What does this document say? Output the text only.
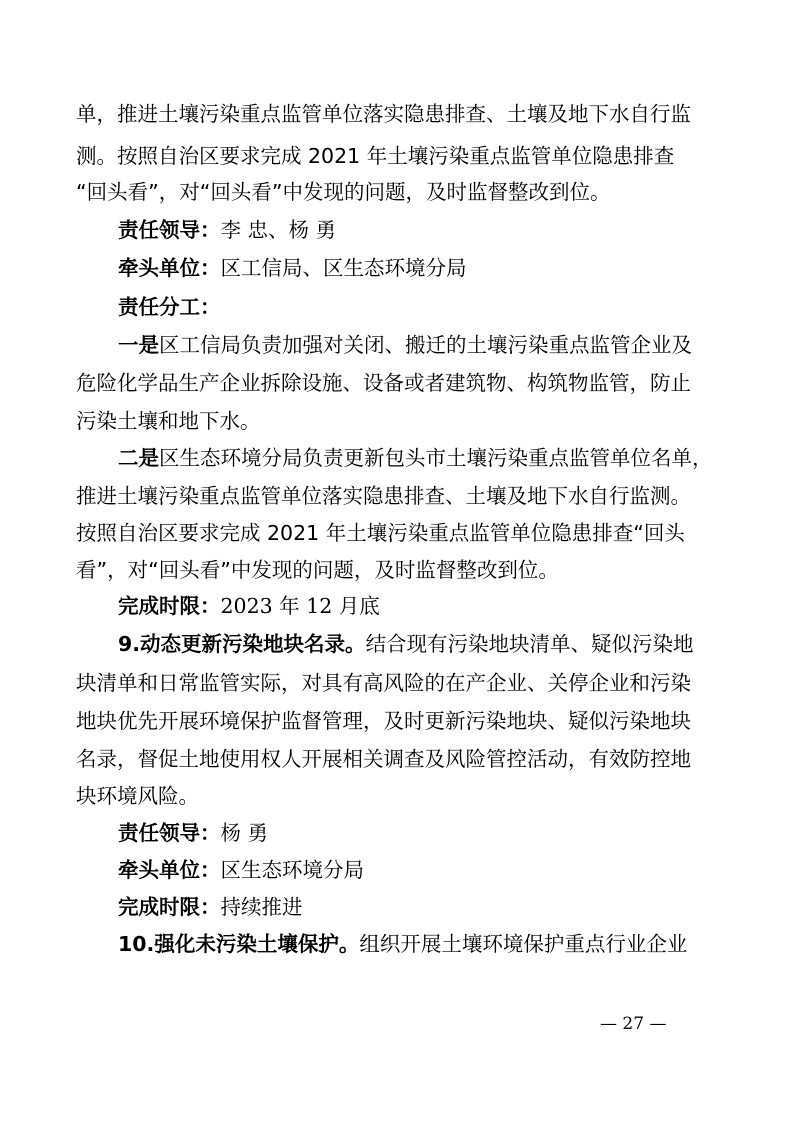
单，推进土壤污染重点监管单位落实隐患排查、土壤及地下水自行监
测。按照自治区要求完成 2021 年土壤污染重点监管单位隐患排查
“回头看”，对“回头看”中发现的问题，及时监督整改到位。
责任领导：李 忠、杨 勇
牵头单位：区工信局、区生态环境分局
责任分工：
一是区工信局负责加强对关闭、搬迁的土壤污染重点监管企业及
危险化学品生产企业拆除设施、设备或者建筑物、构筑物监管，防止
污染土壤和地下水。
二是区生态环境分局负责更新包头市土壤污染重点监管单位名单，
推进土壤污染重点监管单位落实隐患排查、土壤及地下水自行监测。
按照自治区要求完成 2021 年土壤污染重点监管单位隐患排查“回头
看”，对“回头看”中发现的问题，及时监督整改到位。
完成时限：2023 年 12 月底
9.动态更新污染地块名录。结合现有污染地块清单、疑似污染地
块清单和日常监管实际，对具有高风险的在产企业、关停企业和污染
地块优先开展环境保护监督管理，及时更新污染地块、疑似污染地块
名录，督促土地使用权人开展相关调查及风险管控活动，有效防控地
块环境风险。
责任领导：杨 勇
牵头单位：区生态环境分局
完成时限：持续推进
10.强化未污染土壤保护。组织开展土壤环境保护重点行业企业
— 27 —
